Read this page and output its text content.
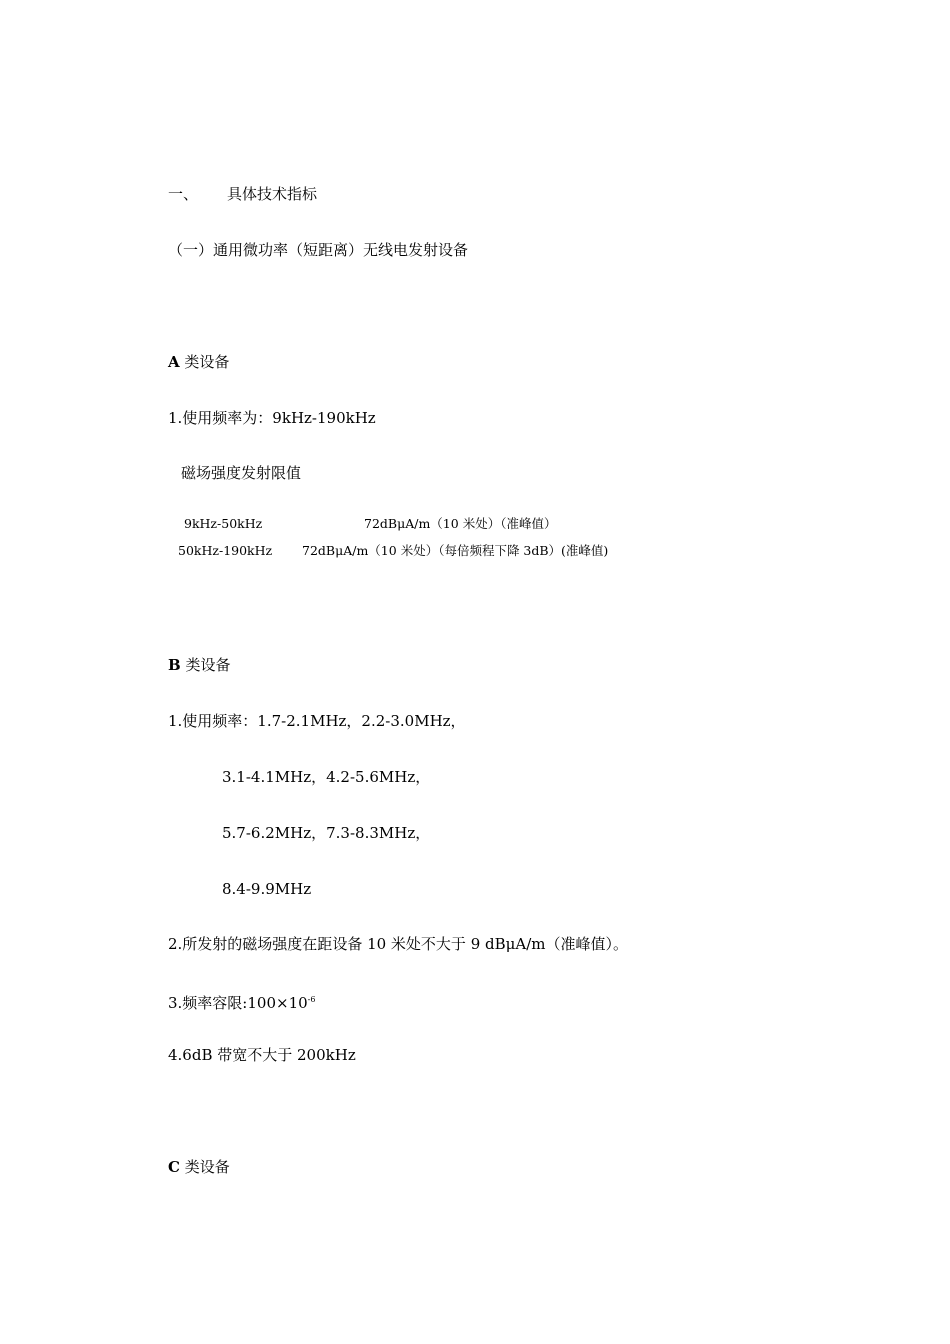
一、 具体技术指标
（一）通用微功率（短距离）无线电发射设备
A 类设备
1.使用频率为：9kHz-190kHz
磁场强度发射限值
9kHz-50kHz	72dBμA/m（10 米处）（准峰值）
50kHz-190kHz 72dBμA/m（10 米处）（每倍频程下降 3dB）(准峰值)
B 类设备
1.使用频率：1.7-2.1MHz，2.2-3.0MHz，
3.1-4.1MHz，4.2-5.6MHz，
5.7-6.2MHz，7.3-8.3MHz，
8.4-9.9MHz
2.所发射的磁场强度在距设备 10 米处不大于 9 dBμA/m（准峰值）。
3.频率容限$:100\times 10^{-6}$
4.6dB 带宽不大于 200kHz
C 类设备
